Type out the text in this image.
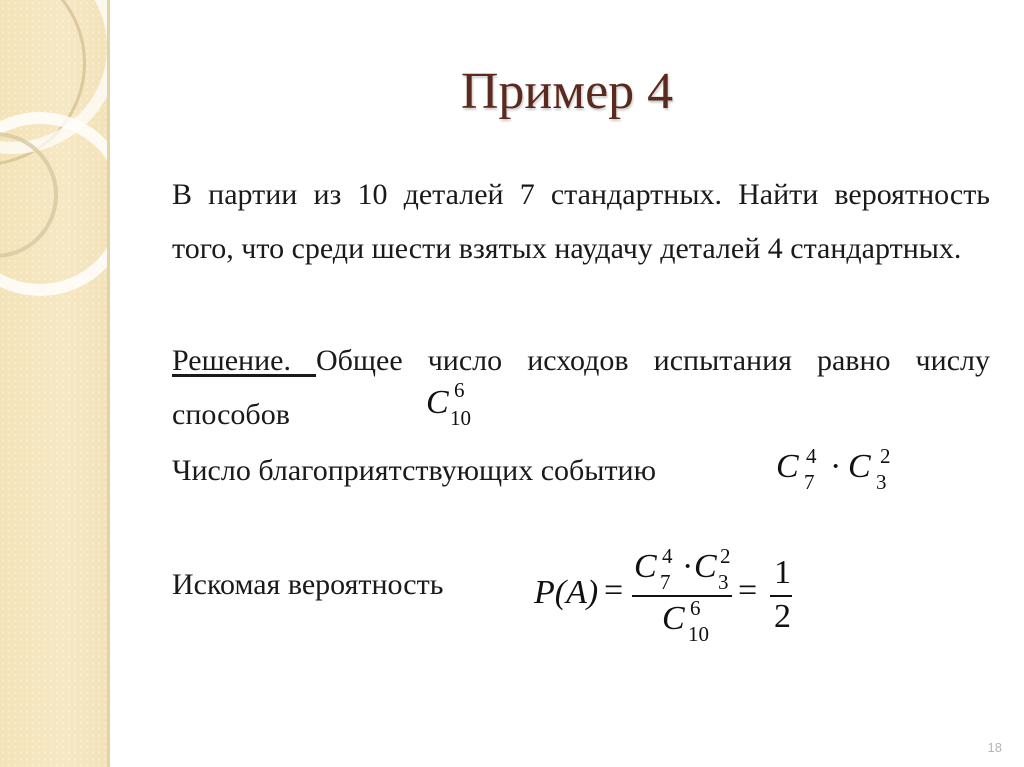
Пример 4
В партии из 10 деталей 7 стандартных. Найти вероятность того, что среди шести взятых наудачу деталей 4 стандартных.
Решение. Общее число исходов испытания равно числу способов	C 6
10
Число благоприятствующих событию	C 4
7 · C 2
3
Искомая вероятность	P(A) =
C 4
7 · C 2
3
C 6
10
= 1
2
18
